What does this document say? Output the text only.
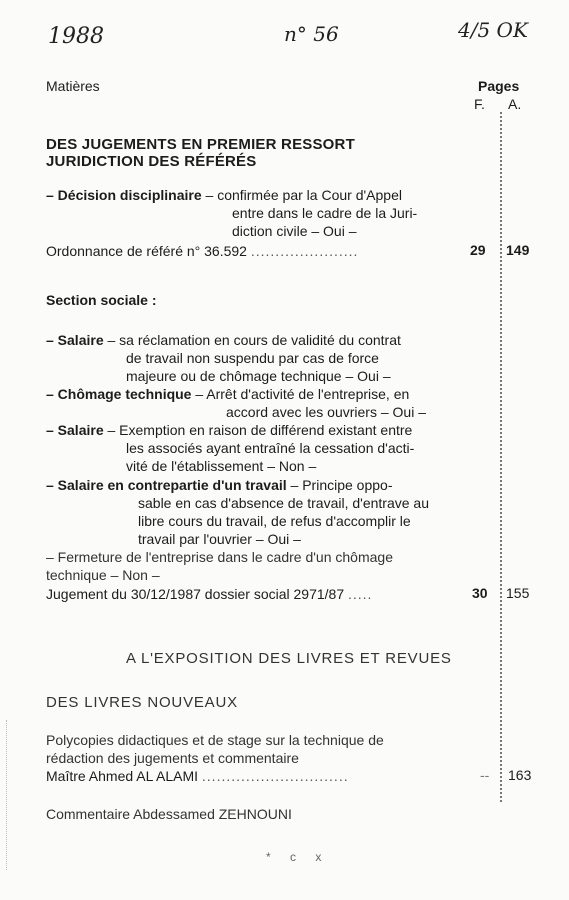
1988	n° 56	4/5 OK
Matières	Pages
F. A.
DES JUGEMENTS EN PREMIER RESSORT
JURIDICTION DES RÉFÉRÉS
– Décision disciplinaire – confirmée par la Cour d'Appel
entre dans le cadre de la Juri-
diction civile – Oui –
Ordonnance de référé n° 36.592 ......................	29 149
Section sociale :
– Salaire – sa réclamation en cours de validité du contrat
de travail non suspendu par cas de force
majeure ou de chômage technique – Oui –
– Chômage technique – Arrêt d'activité de l'entreprise, en
accord avec les ouvriers – Oui –
– Salaire – Exemption en raison de différend existant entre
les associés ayant entraîné la cessation d'acti-
vité de l'établissement – Non –
– Salaire en contrepartie d'un travail – Principe oppo-
sable en cas d'absence de travail, d'entrave au
libre cours du travail, de refus d'accomplir le
travail par l'ouvrier – Oui –
– Fermeture de l'entreprise dans le cadre d'un chômage
technique – Non –
Jugement du 30/12/1987 dossier social 2971/87 .....	30 155
A L'EXPOSITION DES LIVRES ET REVUES
DES LIVRES NOUVEAUX
Polycopies didactiques et de stage sur la technique de
rédaction des jugements et commentaire
Maître Ahmed AL ALAMI ..............................	-- 163
Commentaire Abdessamed ZEHNOUNI
* c x
